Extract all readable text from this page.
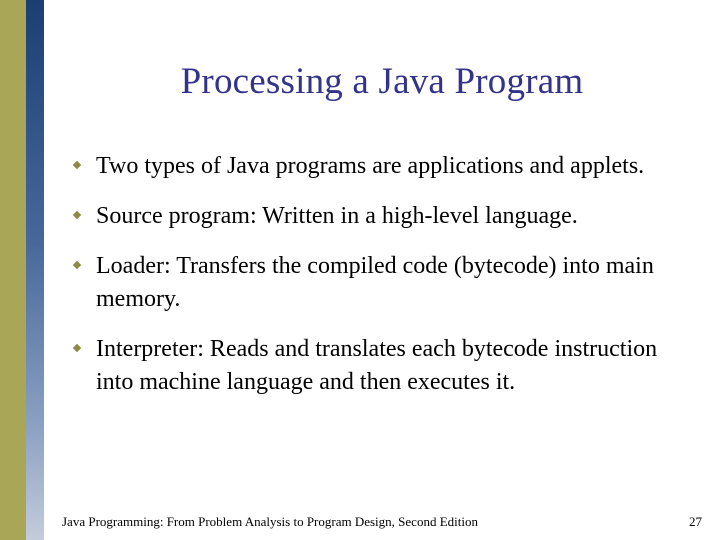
Processing a Java Program
Two types of Java programs are applications and applets.
Source program: Written in a high-level language.
Loader: Transfers the compiled code (bytecode) into main memory.
Interpreter: Reads and translates each bytecode instruction into machine language and then executes it.
Java Programming: From Problem Analysis to Program Design, Second Edition	27
